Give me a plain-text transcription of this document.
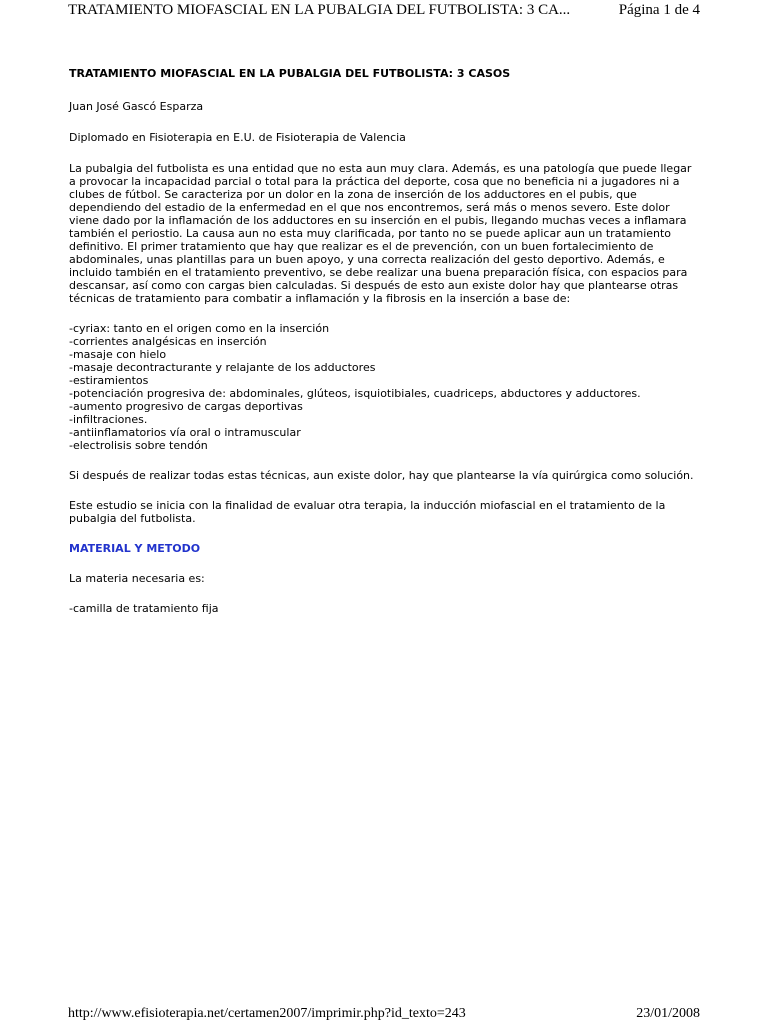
TRATAMIENTO MIOFASCIAL EN LA PUBALGIA DEL FUTBOLISTA: 3 CA...	Página 1 de 4

TRATAMIENTO MIOFASCIAL EN LA PUBALGIA DEL FUTBOLISTA: 3 CASOS

Juan José Gascó Esparza

Diplomado en Fisioterapia en E.U. de Fisioterapia de Valencia

La pubalgia del futbolista es una entidad que no esta aun muy clara. Además, es una patología que puede llegar a provocar la incapacidad parcial o total para la práctica del deporte, cosa que no beneficia ni a jugadores ni a clubes de fútbol. Se caracteriza por un dolor en la zona de inserción de los adductores en el pubis, que dependiendo del estadio de la enfermedad en el que nos encontremos, será más o menos severo. Este dolor viene dado por la inflamación de los adductores en su inserción en el pubis, llegando muchas veces a inflamara también el periostio. La causa aun no esta muy clarificada, por tanto no se puede aplicar aun un tratamiento definitivo. El primer tratamiento que hay que realizar es el de prevención, con un buen fortalecimiento de abdominales, unas plantillas para un buen apoyo, y una correcta realización del gesto deportivo. Además, e incluido también en el tratamiento preventivo, se debe realizar una buena preparación física, con espacios para descansar, así como con cargas bien calculadas. Si después de esto aun existe dolor hay que plantearse otras técnicas de tratamiento para combatir a inflamación y la fibrosis en la inserción a base de:

-cyriax: tanto en el origen como en la inserción
-corrientes analgésicas en inserción
-masaje con hielo
-masaje decontracturante y relajante de los adductores
-estiramientos
-potenciación progresiva de: abdominales, glúteos, isquiotibiales, cuadriceps, abductores y adductores.
-aumento progresivo de cargas deportivas
-infiltraciones.
-antiinflamatorios vía oral o intramuscular
-electrolisis sobre tendón

Si después de realizar todas estas técnicas, aun existe dolor, hay que plantearse la vía quirúrgica como solución.

Este estudio se inicia con la finalidad de evaluar otra terapia, la inducción miofascial en el tratamiento de la pubalgia del futbolista.

MATERIAL Y METODO

La materia necesaria es:

-camilla de tratamiento fija
http://www.efisioterapia.net/certamen2007/imprimir.php?id_texto=243	23/01/2008
